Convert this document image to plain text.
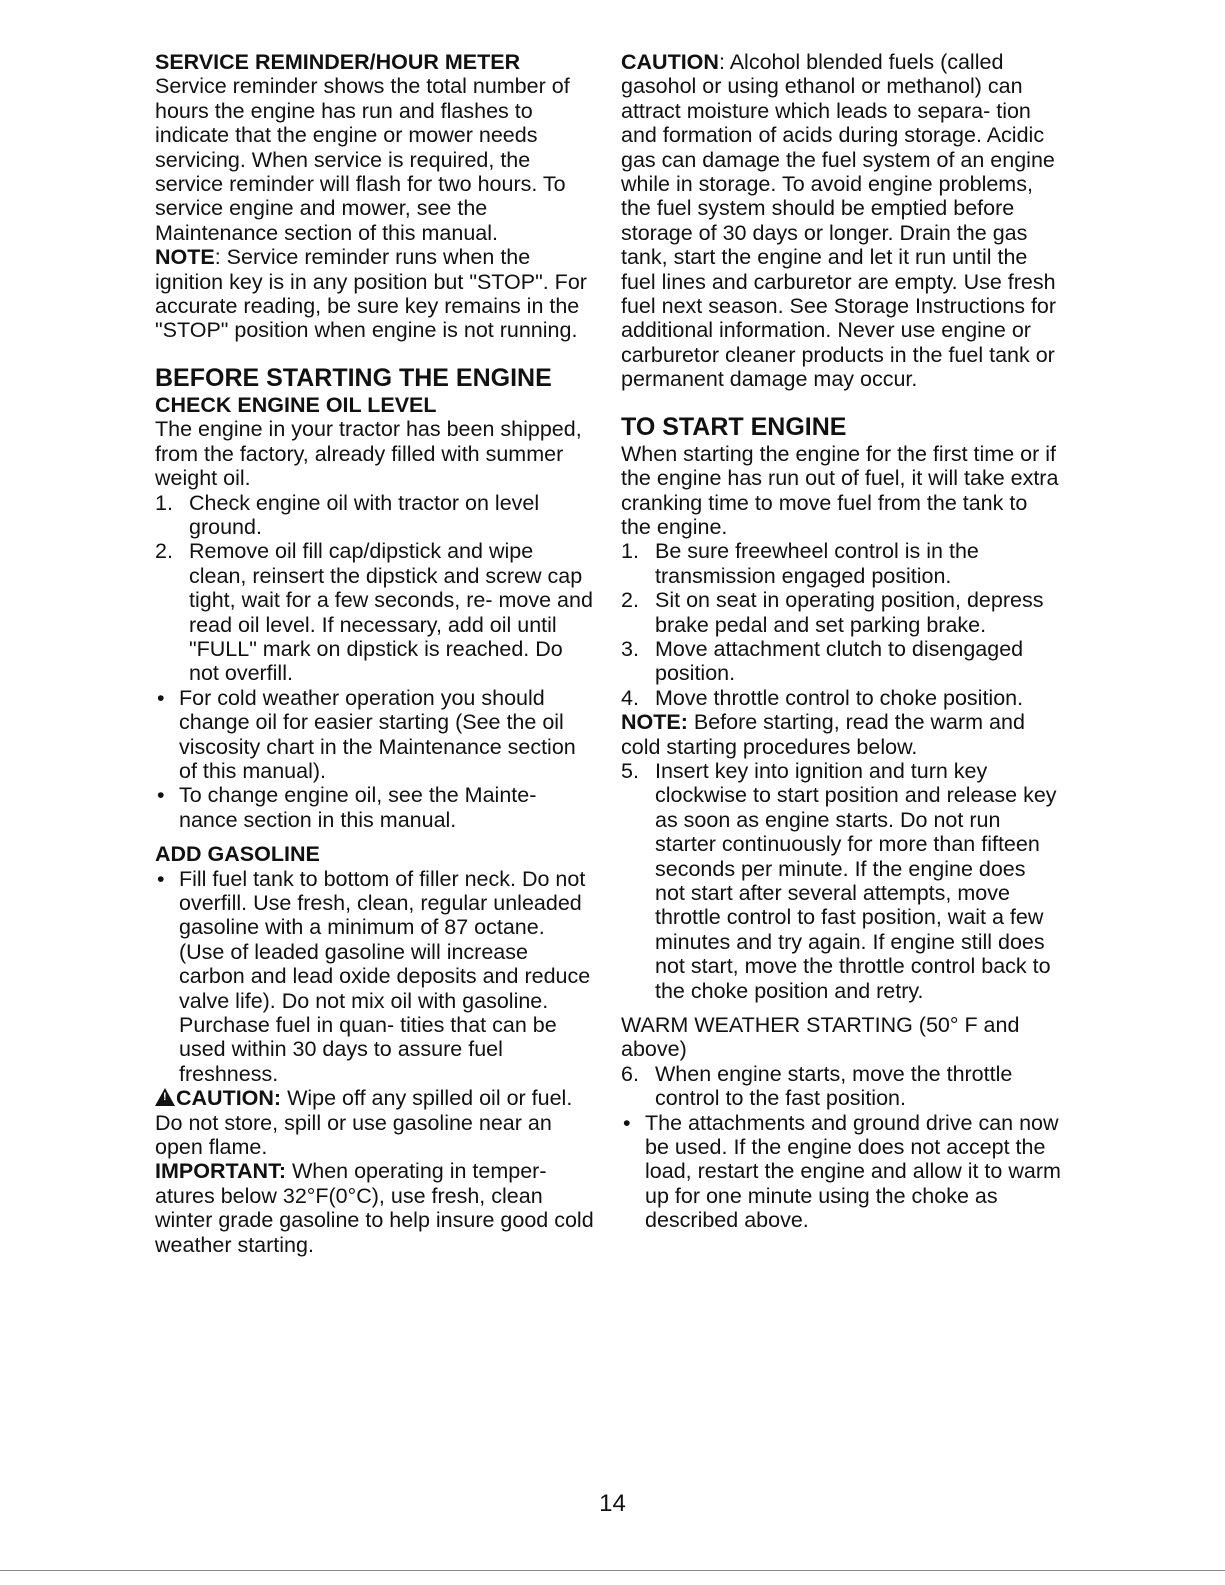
SERVICE REMINDER/HOUR METER

Service reminder shows the total number of hours the engine has run and flashes to indicate that the engine or mower needs servicing. When service is required, the service reminder will flash for two hours. To service engine and mower, see the Maintenance section of this manual.

NOTE: Service reminder runs when the ignition key is in any position but "STOP". For accurate reading, be sure key remains in the "STOP" position when engine is not running.

BEFORE STARTING THE ENGINE

CHECK ENGINE OIL LEVEL

The engine in your tractor has been shipped, from the factory, already filled with summer weight oil.

1. Check engine oil with tractor on level ground.
2. Remove oil fill cap/dipstick and wipe clean, reinsert the dipstick and screw cap tight, wait for a few seconds, re- move and read oil level. If necessary, add oil until "FULL" mark on dipstick is reached. Do not overfill.
• For cold weather operation you should change oil for easier starting (See the oil viscosity chart in the Maintenance section of this manual).
• To change engine oil, see the Mainte- nance section in this manual.

ADD GASOLINE

• Fill fuel tank to bottom of filler neck. Do not overfill. Use fresh, clean, regular unleaded gasoline with a minimum of 87 octane. (Use of leaded gasoline will increase carbon and lead oxide deposits and reduce valve life). Do not mix oil with gasoline. Purchase fuel in quan- tities that can be used within 30 days to assure fuel freshness.

!CAUTION: Wipe off any spilled oil or fuel. Do not store, spill or use gasoline near an open flame.

IMPORTANT: When operating in temper- atures below 32°F(0°C), use fresh, clean winter grade gasoline to help insure good cold weather starting.

CAUTION: Alcohol blended fuels (called gasohol or using ethanol or methanol) can attract moisture which leads to separa- tion and formation of acids during storage. Acidic gas can damage the fuel system of an engine while in storage. To avoid engine problems, the fuel system should be emptied before storage of 30 days or longer. Drain the gas tank, start the engine and let it run until the fuel lines and carburetor are empty. Use fresh fuel next season. See Storage Instructions for additional information. Never use engine or carburetor cleaner products in the fuel tank or permanent damage may occur.

TO START ENGINE

When starting the engine for the first time or if the engine has run out of fuel, it will take extra cranking time to move fuel from the tank to the engine.

1. Be sure freewheel control is in the transmission engaged position.
2. Sit on seat in operating position, depress brake pedal and set parking brake.
3. Move attachment clutch to disengaged position.
4. Move throttle control to choke position.

NOTE: Before starting, read the warm and cold starting procedures below.

5. Insert key into ignition and turn key clockwise to start position and release key as soon as engine starts. Do not run starter continuously for more than fifteen seconds per minute. If the engine does not start after several attempts, move throttle control to fast position, wait a few minutes and try again. If engine still does not start, move the throttle control back to the choke position and retry.

WARM WEATHER STARTING (50° F and above)

6. When engine starts, move the throttle control to the fast position.
• The attachments and ground drive can now be used. If the engine does not accept the load, restart the engine and allow it to warm up for one minute using the choke as described above.
14
